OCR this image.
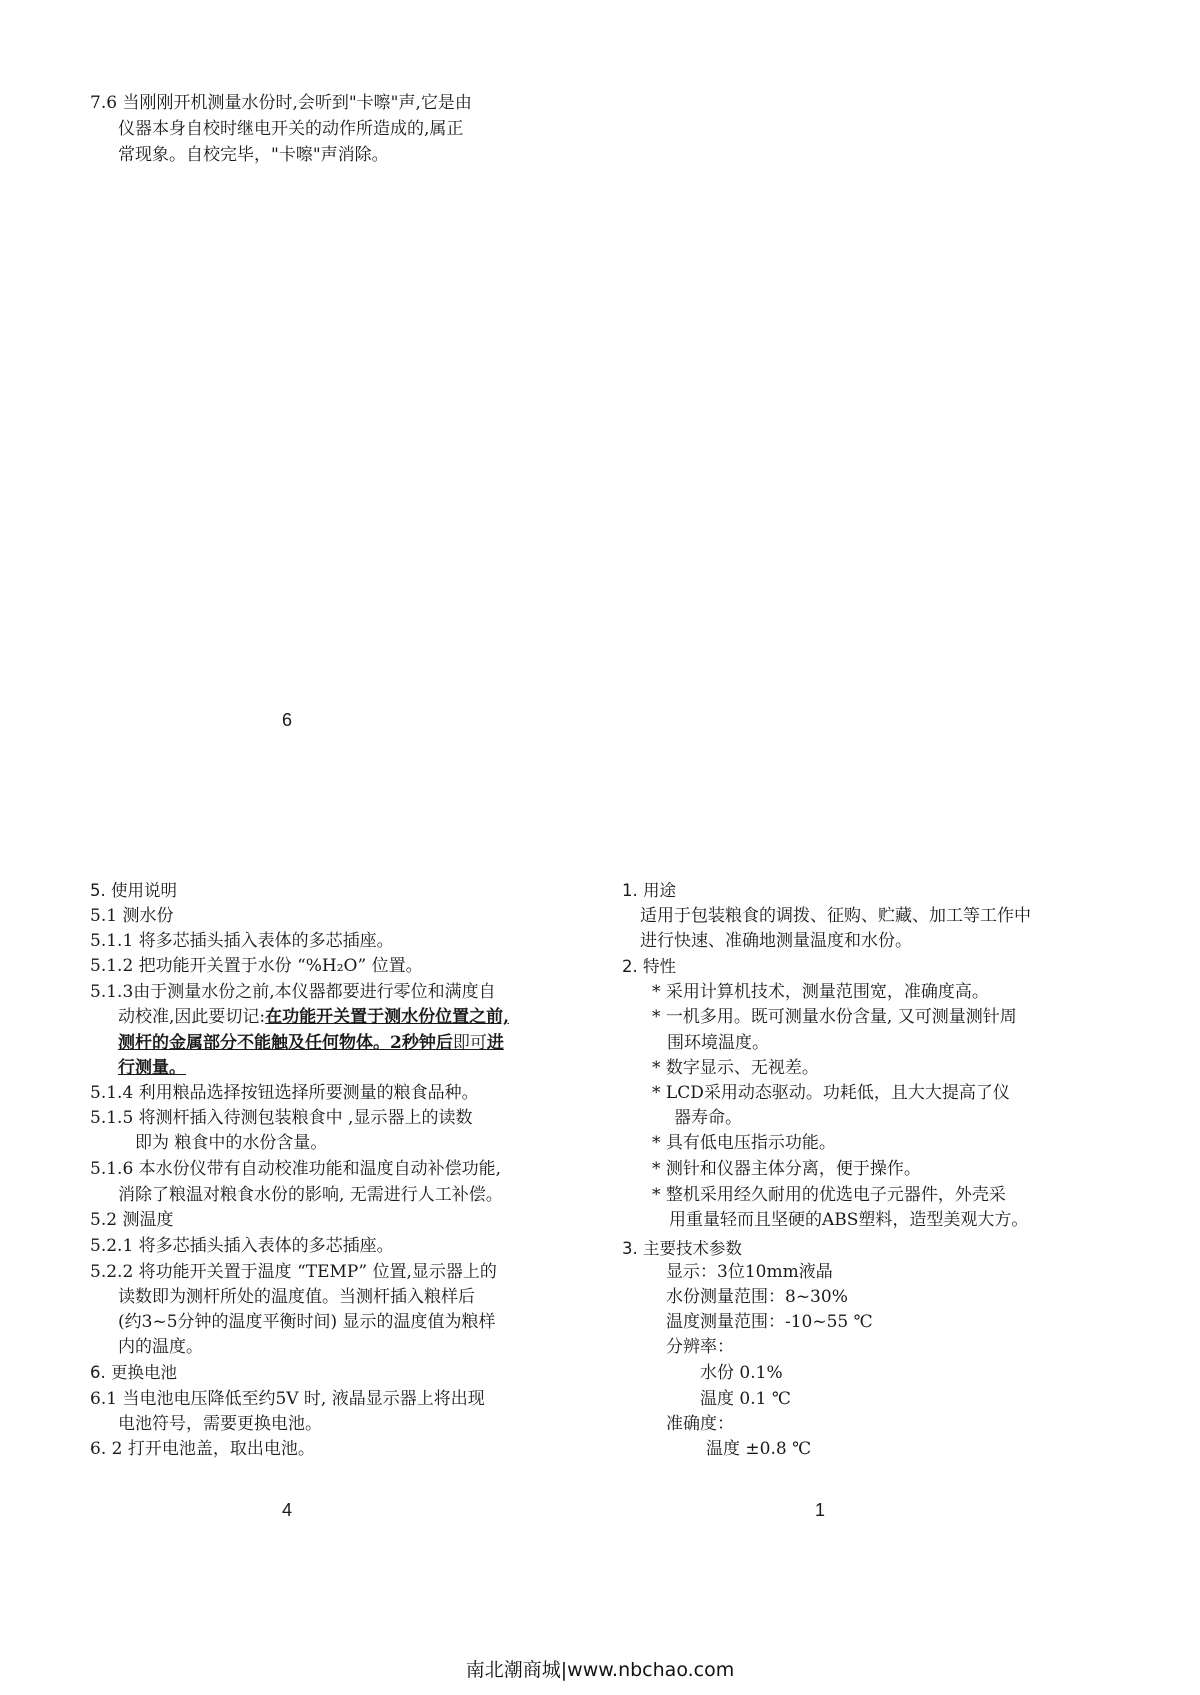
7.6 当刚刚开机测量水份时,会听到"卡嚓"声,它是由
仪器本身自校时继电开关的动作所造成的,属正
常现象。自校完毕，"卡嚓"声消除。
6
5. 使用说明
5.1 测水份
5.1.1 将多芯插头插入表体的多芯插座。
5.1.2 把功能开关置于水份 “%H₂O” 位置。
5.1.3由于测量水份之前,本仪器都要进行零位和满度自
动校准,因此要切记:在功能开关置于测水份位置之前,
测杆的金属部分不能触及任何物体。2秒钟后即可进
行测量。
5.1.4 利用粮品选择按钮选择所要测量的粮食品种。
5.1.5 将测杆插入待测包装粮食中 ,显示器上的读数
即为 粮食中的水份含量。
5.1.6 本水份仪带有自动校准功能和温度自动补偿功能,
消除了粮温对粮食水份的影响, 无需进行人工补偿。
5.2 测温度
5.2.1 将多芯插头插入表体的多芯插座。
5.2.2 将功能开关置于温度 “TEMP” 位置,显示器上的
读数即为测杆所处的温度值。当测杆插入粮样后
(约3~5分钟的温度平衡时间) 显示的温度值为粮样
内的温度。
6. 更换电池
6.1 当电池电压降低至约5V 时, 液晶显示器上将出现
电池符号，需要更换电池。
6. 2 打开电池盖，取出电池。
4
1. 用途
适用于包装粮食的调拨、征购、贮藏、加工等工作中
进行快速、准确地测量温度和水份。
2. 特性
* 采用计算机技术，测量范围宽，准确度高。
* 一机多用。既可测量水份含量, 又可测量测针周
围环境温度。
* 数字显示、无视差。
* LCD采用动态驱动。功耗低，且大大提高了仪
器寿命。
* 具有低电压指示功能。
* 测针和仪器主体分离，便于操作。
* 整机采用经久耐用的优选电子元器件，外壳采
用重量轻而且坚硬的ABS塑料，造型美观大方。
3. 主要技术参数
显示：3位10mm液晶
水份测量范围：8~30%
温度测量范围：-10~55 ℃
分辨率：
水份 0.1%
温度 0.1 ℃
准确度：
温度 ±0.8 ℃
1
南北潮商城|www.nbchao.com
